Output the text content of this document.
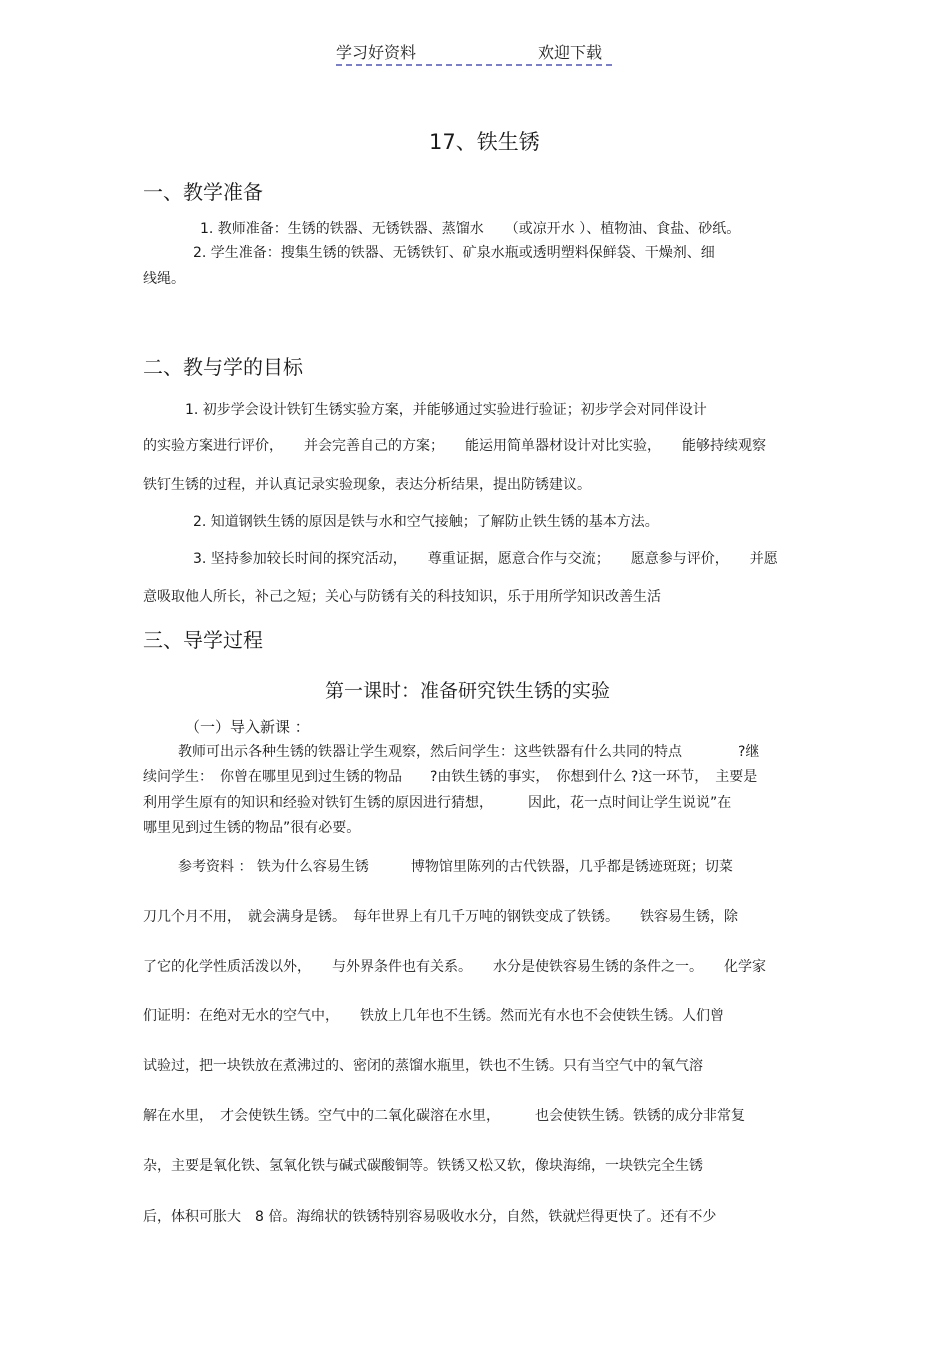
学习好资料	欢迎下载
17、铁生锈
一、教学准备
1. 教师准备：生锈的铁器、无锈铁器、蒸馏水　　（或凉开水 ）、植物油、食盐、砂纸。
2. 学生准备：搜集生锈的铁器、无锈铁钉、矿泉水瓶或透明塑料保鲜袋、干燥剂、细
线绳。
二、教与学的目标
1. 初步学会设计铁钉生锈实验方案，并能够通过实验进行验证；初步学会对同伴设计
的实验方案进行评价，　　并会完善自己的方案；　　能运用简单器材设计对比实验，　　能够持续观察
铁钉生锈的过程，并认真记录实验现象，表达分析结果，提出防锈建议。
2. 知道钢铁生锈的原因是铁与水和空气接触；了解防止铁生锈的基本方法。
3. 坚持参加较长时间的探究活动，　　尊重证据，愿意合作与交流；　　愿意参与评价，　　并愿
意吸取他人所长，补己之短；关心与防锈有关的科技知识，乐于用所学知识改善生活
三、导学过程
第一课时：准备研究铁生锈的实验
（一）导入新课 ：
教师可出示各种生锈的铁器让学生观察，然后问学生：这些铁器有什么共同的特点　　　　?继
续问学生：　你曾在哪里见到过生锈的物品　　?由铁生锈的事实，　你想到什么 ?这一环节，　主要是
利用学生原有的知识和经验对铁钉生锈的原因进行猜想，　　　因此，花一点时间让学生说说”在
哪里见到过生锈的物品”很有必要。
参考资料 ： 铁为什么容易生锈　　　博物馆里陈列的古代铁器，几乎都是锈迹斑斑；切菜
刀几个月不用，　就会满身是锈。　每年世界上有几千万吨的钢铁变成了铁锈。　　铁容易生锈，除
了它的化学性质活泼以外，　　与外界条件也有关系。　　水分是使铁容易生锈的条件之一。　　化学家
们证明：在绝对无水的空气中，　　铁放上几年也不生锈。然而光有水也不会使铁生锈。人们曾
试验过，把一块铁放在煮沸过的、密闭的蒸馏水瓶里，铁也不生锈。只有当空气中的氧气溶
解在水里，　才会使铁生锈。空气中的二氧化碳溶在水里，　　　也会使铁生锈。铁锈的成分非常复
杂，主要是氧化铁、氢氧化铁与碱式碳酸铜等。铁锈又松又软，像块海绵，一块铁完全生锈
后，体积可胀大　8 倍。海绵状的铁锈特别容易吸收水分，自然，铁就烂得更快了。还有不少
